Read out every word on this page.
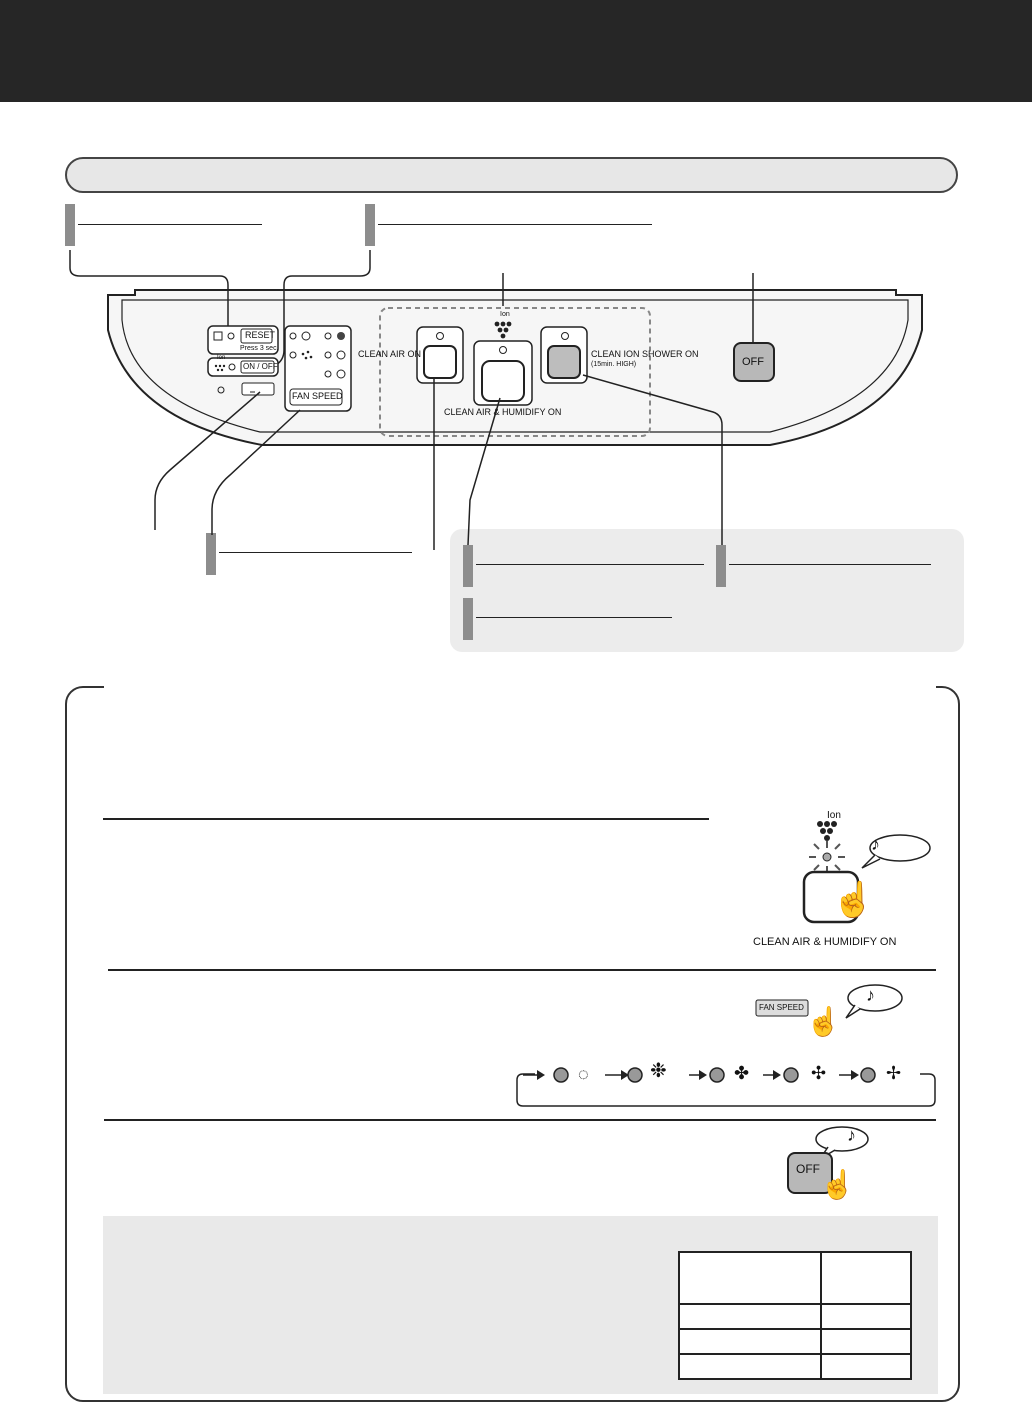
RESET
Press 3 sec.
Ion
ON / OFF
FAN SPEED
CLEAN AIR ON
CLEAN AIR & HUMIDIFY ON
CLEAN ION SHOWER ON
(15min. HIGH)
Ion
OFF
Ion
♪
☝
CLEAN AIR & HUMIDIFY ON
FAN SPEED
♪
☝
◌	❉	✤	✣	✢
OFF
♪
☝
